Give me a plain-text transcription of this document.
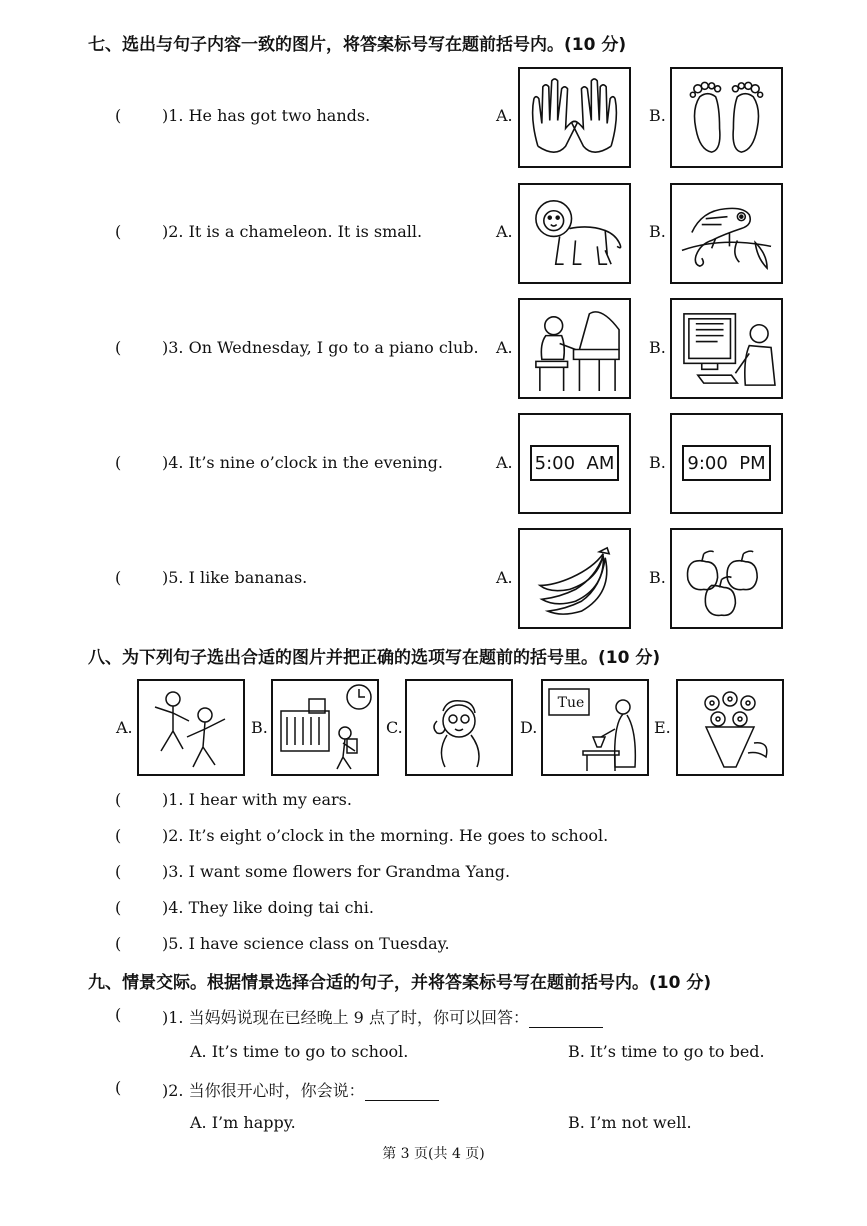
七、选出与句子内容一致的图片，将答案标号写在题前括号内。(10 分)
(	)1. He has got two hands.	A.	B.
(	)2. It is a chameleon. It is small.	A.	B.
(	)3. On Wednesday, I go to a piano club. A.	B.
(	)4. It’s nine o’clock in the evening.	A. 5:00  AM B. 9:00  PM
(	)5. I like bananas.	A.	B.
八、为下列句子选出合适的图片并把正确的选项写在题前的括号里。(10 分)
A.	B.	C.	D.
Tue
E.
(	)1. I hear with my ears.
(	)2. It’s eight o’clock in the morning. He goes to school.
(	)3. I want some flowers for Grandma Yang.
(	)4. They like doing tai chi.
(	)5. I have science class on Tuesday.
九、情景交际。根据情景选择合适的句子，并将答案标号写在题前括号内。(10 分)
(	)1. 当妈妈说现在已经晚上 9 点了时，你可以回答：
A. It’s time to go to school.	B. It’s time to go to bed.
(	)2. 当你很开心时，你会说：
A. I’m happy.	B. I’m not well.
第 3 页(共 4 页)
